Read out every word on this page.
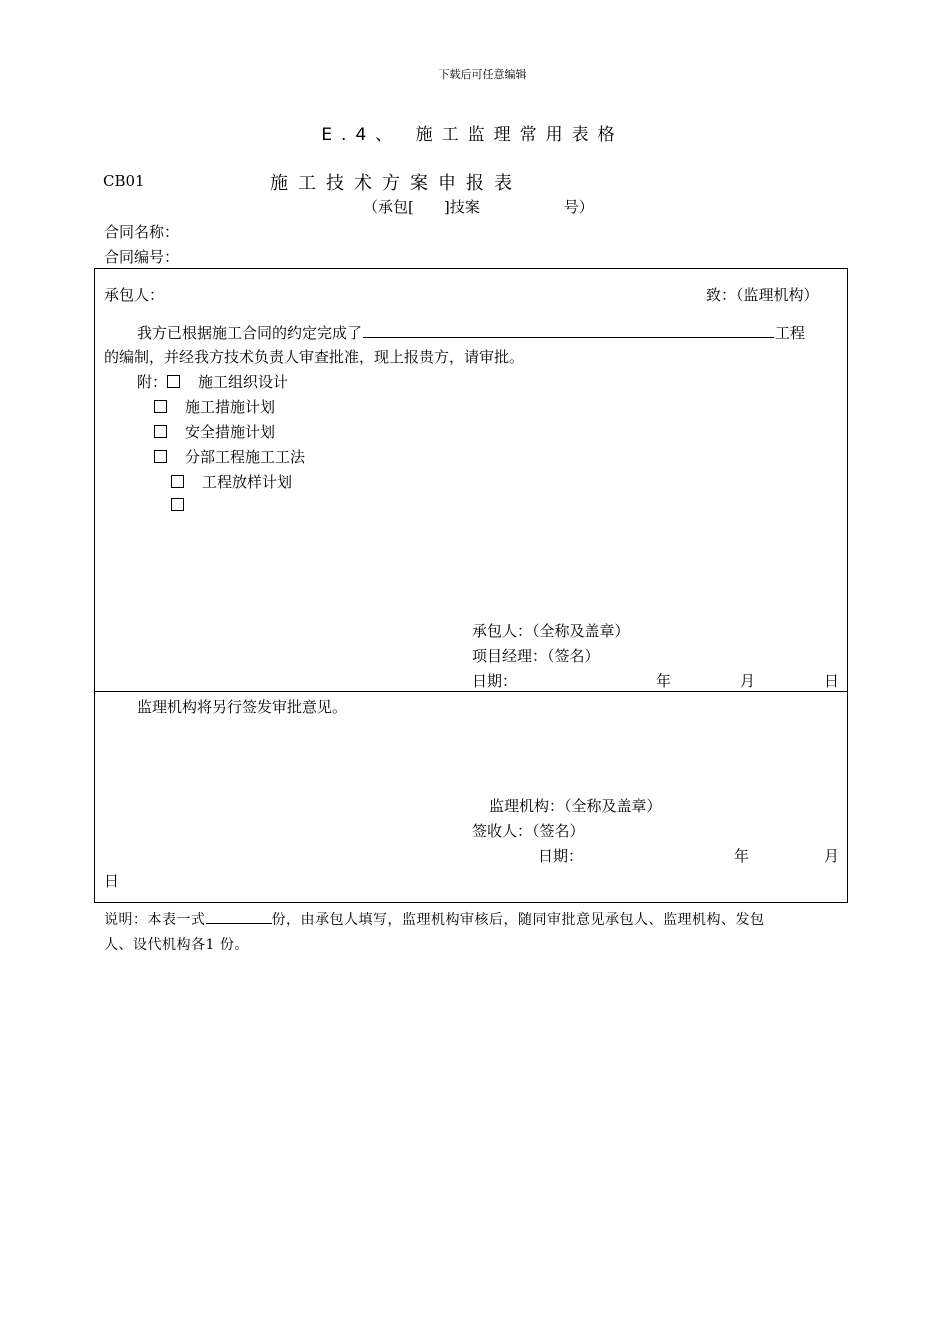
下载后可任意编辑
E.4、 施工监理常用表格
CB01	施工技术方案申报表
（承包[ ]技案	号）
合同名称：
合同编号：
承包人：	致：（监理机构）
我方已根据施工合同的约定完成了	工程
的编制，并经我方技术负责人审查批准，现上报贵方，请审批。
附： 施工组织设计
施工措施计划
安全措施计划
分部工程施工工法
工程放样计划
承包人：（全称及盖章）
项目经理：（签名）
日期：	年	月	日
监理机构将另行签发审批意见。
监理机构：（全称及盖章）
签收人：（签名）
日期：	年	月
日
说明：本表一式	份，由承包人填写，监理机构审核后，随同审批意见承包人、监理机构、发包
人、设代机构各1 份。
